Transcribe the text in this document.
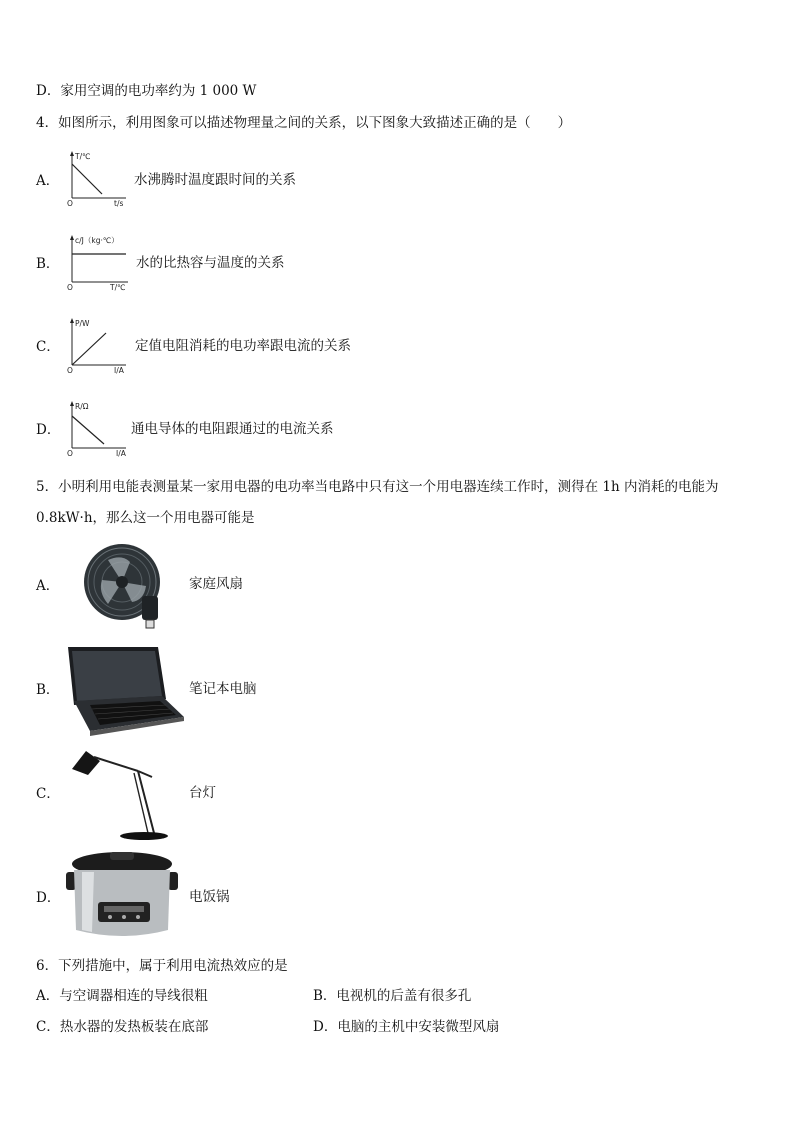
D．家用空调的电功率约为 1 000 W
4．如图所示，利用图象可以描述物理量之间的关系，以下图象大致描述正确的是（　　）
A．
T/℃
O	t/s
水沸腾时温度跟时间的关系
B．
c/J（kg·℃）
O	T/℃
水的比热容与温度的关系
C．
P/W
O	I/A
定值电阻消耗的电功率跟电流的关系
D．
R/Ω
O	I/A
通电导体的电阻跟通过的电流关系
5．小明利用电能表测量某一家用电器的电功率当电路中只有这一个用电器连续工作时，测得在 1h 内消耗的电能为
0.8kW·h，那么这一个用电器可能是
A．	家庭风扇
B．	笔记本电脑
C．	台灯
D．	电饭锅
6．下列措施中，属于利用电流热效应的是
A．与空调器相连的导线很粗	B．电视机的后盖有很多孔
C．热水器的发热板装在底部	D．电脑的主机中安装微型风扇
